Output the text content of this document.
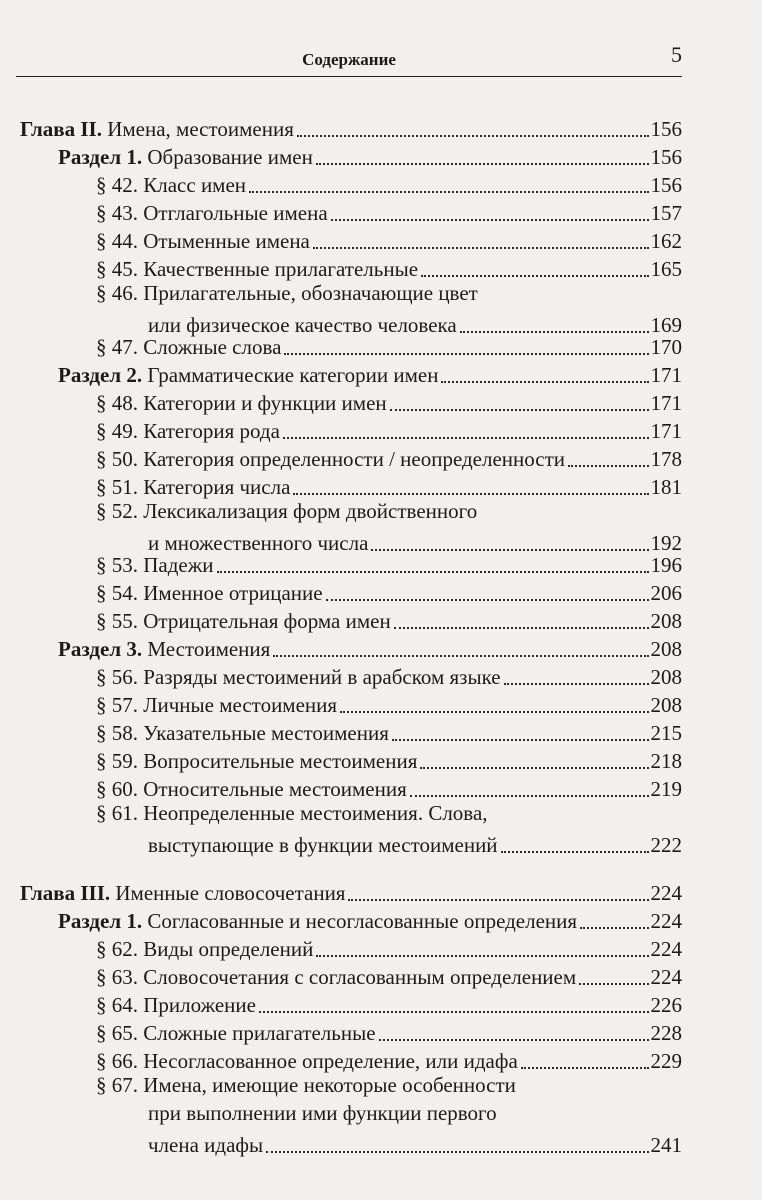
Содержание	5
Глава II. Имена, местоимения	156
Раздел 1. Образование имен	156
§ 42. Класс имен	156
§ 43. Отглагольные имена	157
§ 44. Отыменные имена	162
§ 45. Качественные прилагательные	165
§ 46. Прилагательные, обозначающие цвет
или физическое качество человека	169
§ 47. Сложные слова	170
Раздел 2. Грамматические категории имен	171
§ 48. Категории и функции имен	171
§ 49. Категория рода	171
§ 50. Категория определенности / неопределенности	178
§ 51. Категория числа	181
§ 52. Лексикализация форм двойственного
и множественного числа	192
§ 53. Падежи	196
§ 54. Именное отрицание	206
§ 55. Отрицательная форма имен	208
Раздел 3. Местоимения	208
§ 56. Разряды местоимений в арабском языке	208
§ 57. Личные местоимения	208
§ 58. Указательные местоимения	215
§ 59. Вопросительные местоимения	218
§ 60. Относительные местоимения	219
§ 61. Неопределенные местоимения. Слова,
выступающие в функции местоимений	222
Глава III. Именные словосочетания	224
Раздел 1. Согласованные и несогласованные определения	224
§ 62. Виды определений	224
§ 63. Словосочетания с согласованным определением	224
§ 64. Приложение	226
§ 65. Сложные прилагательные	228
§ 66. Несогласованное определение, или идафа	229
§ 67. Имена, имеющие некоторые особенности
при выполнении ими функции первого
члена идафы	241
